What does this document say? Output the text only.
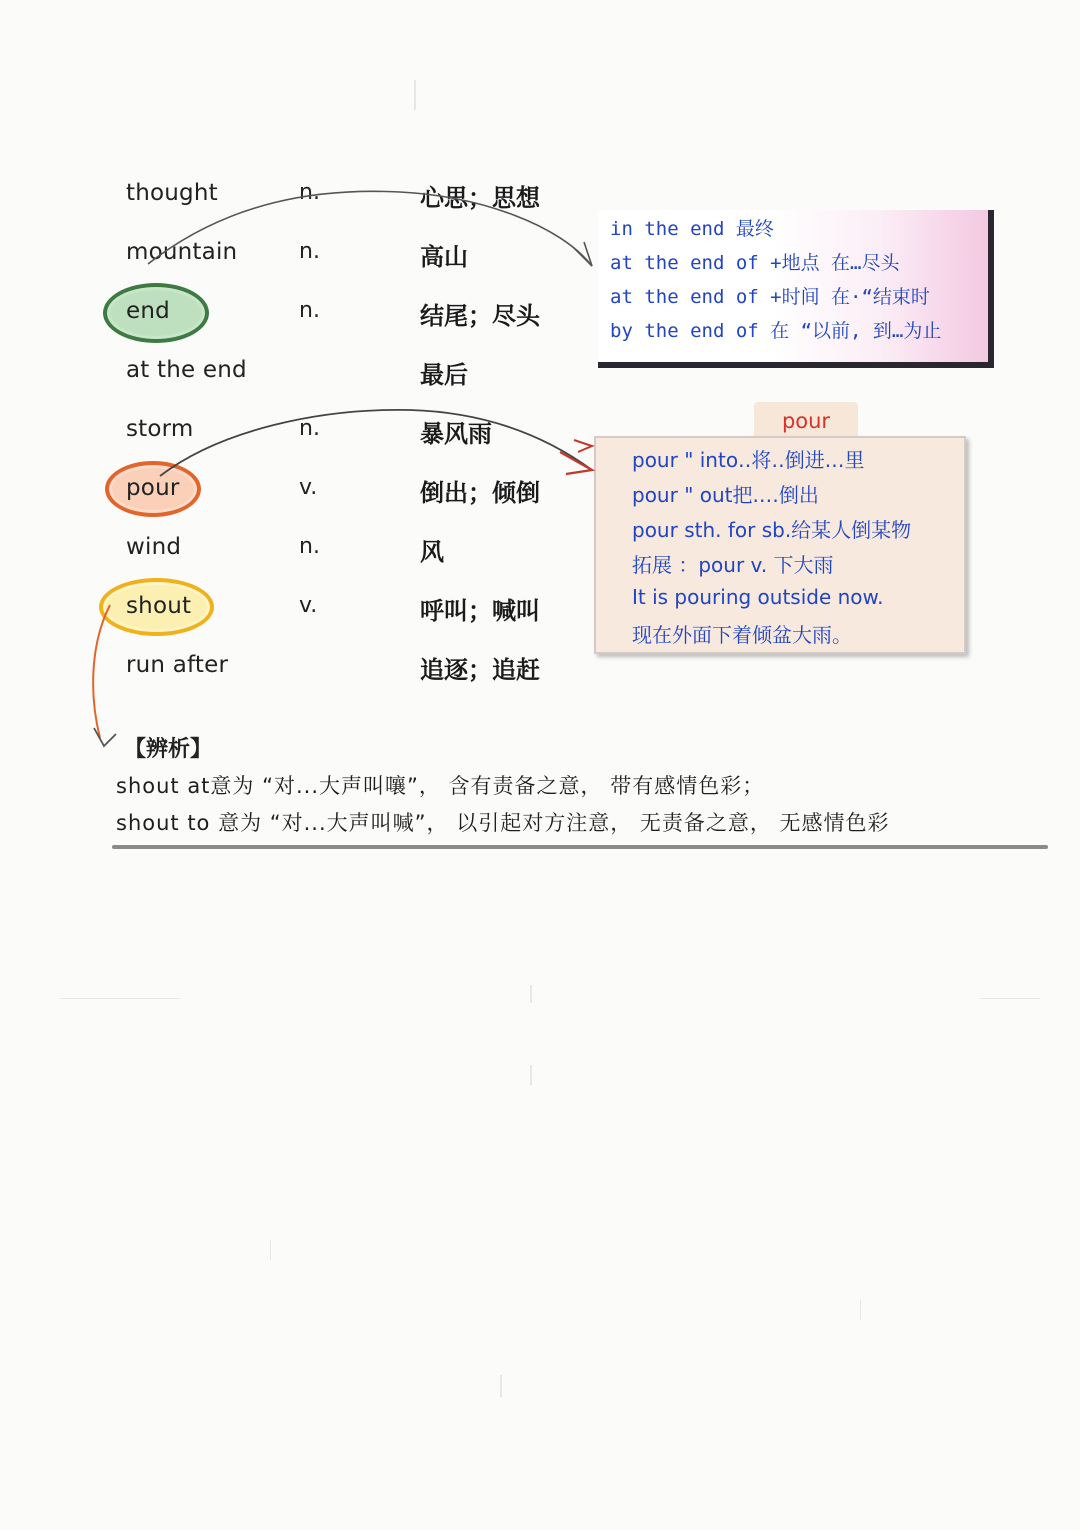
thought	n.	心思；思想
mountain	n.	高山
end	n.	结尾；尽头
at the end	最后
storm	n.	暴风雨
pour	v.	倒出；倾倒
wind	n.	风
shout	v.	呼叫；喊叫
run after	追逐；追赶
in the end 最终
at the end of +地点 在…尽头
at the end of +时间 在·“结束时
by the end of 在 “以前, 到…为止
pour
pour " into‥将‥倒进.‥里
pour " out把.…倒出
pour sth. for sb.给某人倒某物
拓展 ：pour v. 下大雨
It is pouring outside now.
现在外面下着倾盆大雨。
【辨析】
shout at意为 “对...大声叫嚷”， 含有责备之意， 带有感情色彩；
shout to 意为 “对...大声叫喊”， 以引起对方注意， 无责备之意， 无感情色彩
